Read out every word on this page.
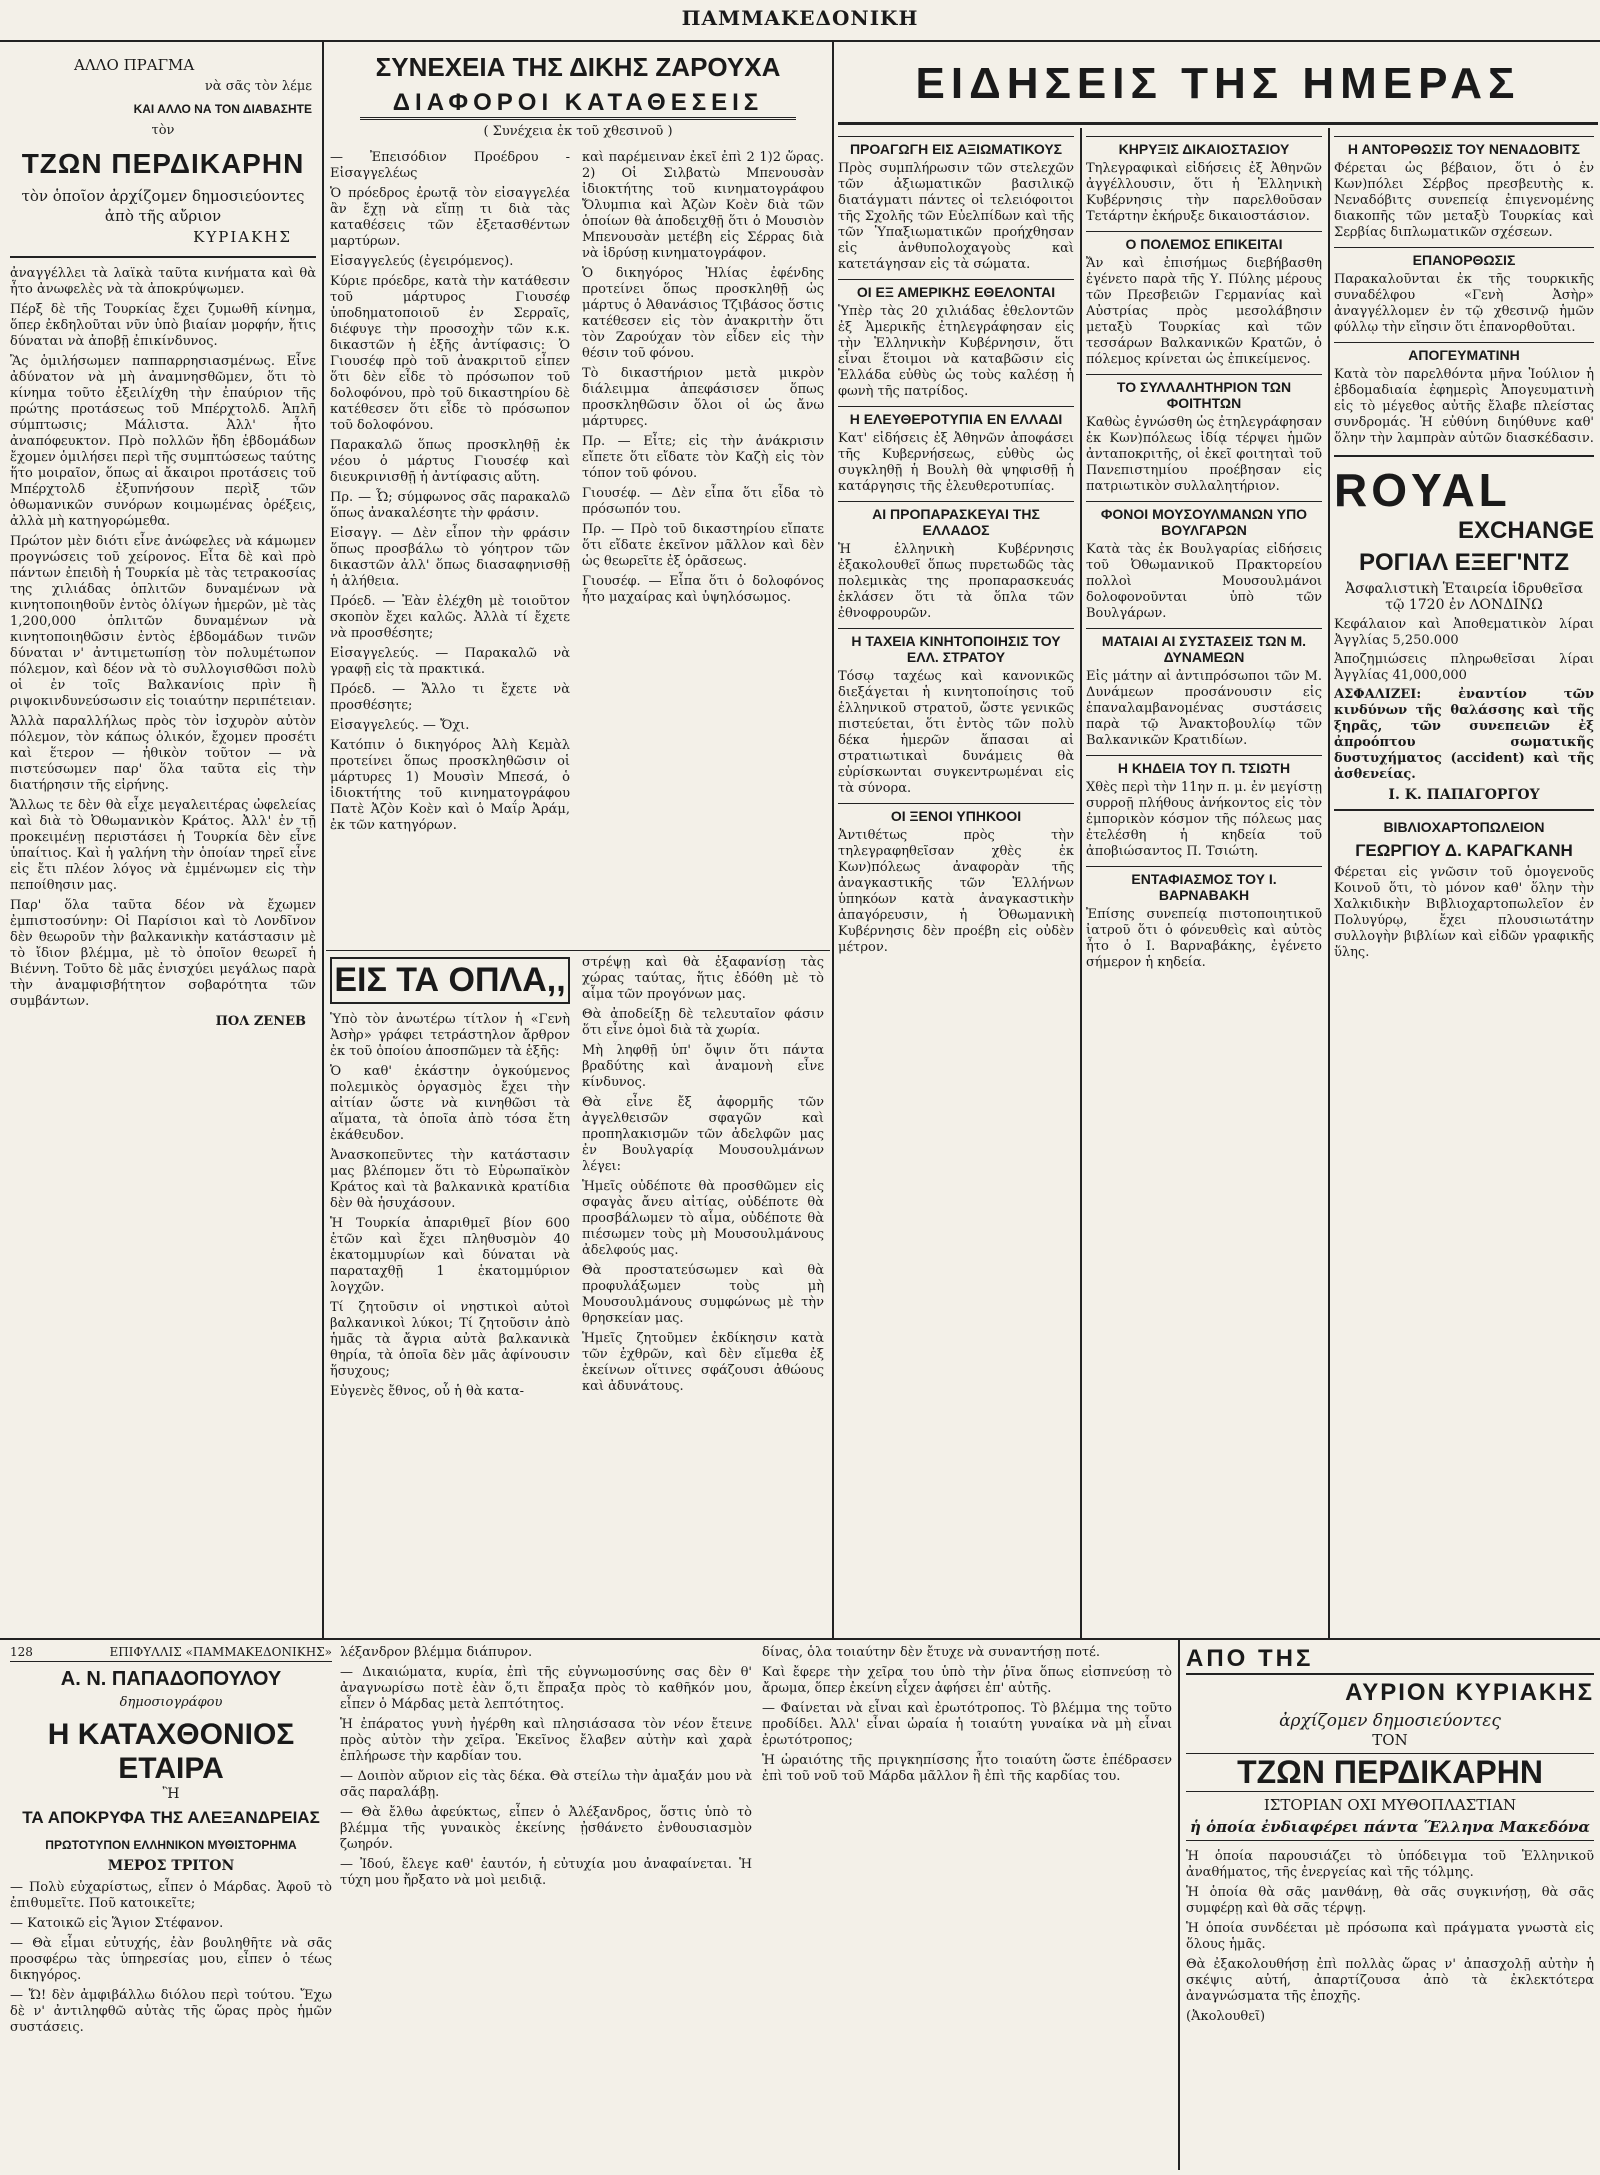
ΠΑΜΜΑΚΕΔΟΝΙΚΗ
ΑΛΛΟ ΠΡΑΓΜΑ
νὰ σᾶς τὸν λέμε
ΚΑΙ ΑΛΛΟ ΝΑ ΤΟΝ ΔΙΑΒΑΣΗΤΕ
τὸν
ΤΖΩΝ ΠΕΡΔΙΚΑΡΗΝ
τὸν ὁποῖον ἀρχίζομεν δημοσιεύοντες ἀπὸ τῆς αὔριον
ΚΥΡΙΑΚΗΣ

ἀναγγέλλει τὰ λαϊκὰ ταῦτα κινήματα καὶ θὰ ἦτο ἀνωφελὲς νὰ τὰ ἀποκρύψωμεν.

Πέρξ δὲ τῆς Τουρκίας ἔχει ζυμωθῆ κίνημα, ὅπερ ἐκδηλοῦται νῦν ὑπὸ βιαίαν μορφήν, ἥτις δύναται νὰ ἀποβῇ ἐπικίνδυνος.

Ἂς ὁμιλήσωμεν παππαρρησιασμένως. Εἶνε ἀδύνατον νὰ μὴ ἀναμνησθῶμεν, ὅτι τὸ κίνημα τοῦτο ἐξειλίχθη τὴν ἐπαύριον τῆς πρώτης προτάσεως τοῦ Μπέρχτολδ. Ἁπλῆ σύμπτωσις; Μάλιστα. Ἀλλ' ἦτο ἀναπόφευκτον. Πρὸ πολλῶν ἤδη ἑβδομάδων ἔχομεν ὁμιλήσει περὶ τῆς συμπτώσεως ταύτης ἥτο μοιραῖον, ὅπως αἱ ἄκαιροι προτάσεις τοῦ Μπέρχτολδ ἐξυπνήσουν περὶξ τῶν ὀθωμανικῶν συνόρων κοιμωμένας ὀρέξεις, ἀλλὰ μὴ κατηγορώμεθα.

Πρώτον μὲν διότι εἶνε ἀνώφελες νὰ κάμωμεν προγνώσεις τοῦ χείρονος. Εἶτα δὲ καὶ πρὸ πάντων ἐπειδὴ ἡ Τουρκία μὲ τὰς τετρακοσίας της χιλιάδας ὁπλιτῶν δυναμένων νὰ κινητοποιηθοῦν ἐντὸς ὀλίγων ἡμερῶν, μὲ τὰς 1,200,000 ὁπλιτῶν δυναμένων νὰ κινητοποιηθῶσιν ἐντὸς ἑβδομάδων τινῶν δύναται ν' ἀντιμετωπίσῃ τὸν πολυμέτωπον πόλεμον, καὶ δέον νὰ τὸ συλλογισθῶσι πολὺ οἱ ἐν τοῖς Βαλκανίοις πρὶν ἢ ριψοκινδυνεύσωσιν εἰς τοιαύτην περιπέτειαν.

Ἀλλὰ παραλλήλως πρὸς τὸν ἰσχυρὸν αὐτὸν πόλεμον, τὸν κάπως ὁλικόν, ἔχομεν προσέτι καὶ ἕτερον — ἠθικὸν τοῦτον — νὰ πιστεύσωμεν παρ' ὅλα ταῦτα εἰς τὴν διατήρησιν τῆς εἰρήνης.

Ἄλλως τε δὲν θὰ εἶχε μεγαλειτέρας ὠφελείας καὶ διὰ τὸ Ὀθωμανικὸν Κράτος. Ἀλλ' ἐν τῇ προκειμένῃ περιστάσει ἡ Τουρκία δὲν εἶνε ὑπαίτιος. Καὶ ἡ γαλήνη τὴν ὁποίαν τηρεῖ εἶνε εἰς ἔτι πλέον λόγος νὰ ἐμμένωμεν εἰς τὴν πεποίθησιν μας.

Παρ' ὅλα ταῦτα δέον νὰ ἔχωμεν ἐμπιστοσύνην: Οἱ Παρίσιοι καὶ τὸ Λονδῖνον δὲν θεωροῦν τὴν βαλκανικὴν κατάστασιν μὲ τὸ ἴδιον βλέμμα, μὲ τὸ ὁποῖον θεωρεῖ ἡ Βιέννη. Τοῦτο δὲ μᾶς ἐνισχύει μεγάλως παρὰ τὴν ἀναμφισβήτητον σοβαρότητα τῶν συμβάντων.

ΠΟΛ ΖΕΝΕΒ

ΣΥΝΕΧΕΙΑ ΤΗΣ ΔΙΚΗΣ ΖΑΡΟΥΧΑ
ΔΙΑΦΟΡΟΙ ΚΑΤΑΘΕΣΕΙΣ
( Συνέχεια ἐκ τοῦ χθεσινοῦ )

— Ἐπεισόδιον Προέδρου - Εἰσαγγελέως

Ὁ πρόεδρος ἐρωτᾷ τὸν εἰσαγγελέα ἂν ἔχῃ νὰ εἴπῃ τι διὰ τὰς καταθέσεις τῶν ἐξετασθέντων μαρτύρων.

Εἰσαγγελεύς (ἐγειρόμενος).

Κύριε πρόεδρε, κατὰ τὴν κατάθεσιν τοῦ μάρτυρος Γιουσέφ ὑποδηματοποιοῦ ἐν Σερραῖς, διέφυγε τὴν προσοχὴν τῶν κ.κ. δικαστῶν ἡ ἑξῆς ἀντίφασις: Ὁ Γιουσέφ πρὸ τοῦ ἀνακριτοῦ εἶπεν ὅτι δὲν εἶδε τὸ πρόσωπον τοῦ δολοφόνου, πρὸ τοῦ δικαστηρίου δὲ κατέθεσεν ὅτι εἶδε τὸ πρόσωπον τοῦ δολοφόνου.

Παρακαλῶ ὅπως προσκληθῇ ἐκ νέου ὁ μάρτυς Γιουσέφ καὶ διευκρινισθῇ ἡ ἀντίφασις αὕτη.

Πρ. — Ὦ; σύμφωνος σᾶς παρακαλῶ ὅπως ἀνακαλέσητε τὴν φράσιν.

Εἰσαγγ. — Δὲν εἶπον τὴν φράσιν ὅπως προσβάλω τὸ γόητρον τῶν δικαστῶν ἀλλ' ὅπως διασαφηνισθῇ ἡ ἀλήθεια.

Πρόεδ. — Ἐὰν ἐλέχθη μὲ τοιοῦτον σκοπὸν ἔχει καλῶς. Ἀλλὰ τί ἔχετε νὰ προσθέσητε;

Εἰσαγγελεύς. — Παρακαλῶ νὰ γραφῇ εἰς τὰ πρακτικά.

Πρόεδ. — Ἄλλο τι ἔχετε νὰ προσθέσητε;

Εἰσαγγελεύς. — Ὄχι.

Κατόπιν ὁ δικηγόρος Ἀλὴ Κεμὰλ προτείνει ὅπως προσκληθῶσιν οἱ μάρτυρες 1) Μουσὶν Μπεσά, ὁ ἰδιοκτήτης τοῦ κινηματογράφου Πατὲ Ἀζὸν Κοὲν καὶ ὁ Μαΐρ Ἀράμ, ἐκ τῶν κατηγόρων.

καὶ παρέμειναν ἐκεῖ ἐπὶ 2 1)2 ὥρας. 2) Οἱ Σιλβατὼ Μπενουσὰν ἰδιοκτήτης τοῦ κινηματογράφου Ὄλυμπια καὶ Ἀζὼν Κοὲν διὰ τῶν ὁποίων θὰ ἀποδειχθῇ ὅτι ὁ Μουσιὸν Μπενουσὰν μετέβη εἰς Σέρρας διὰ νὰ ἱδρύσῃ κινηματογράφον.

Ὁ δικηγόρος Ἠλίας ἐφένδης προτείνει ὅπως προσκληθῇ ὡς μάρτυς ὁ Ἀθανάσιος Τζιβάσος ὅστις κατέθεσεν εἰς τὸν ἀνακριτὴν ὅτι τὸν Ζαρούχαν τὸν εἶδεν εἰς τὴν θέσιν τοῦ φόνου.

Τὸ δικαστήριον μετὰ μικρὸν διάλειμμα ἀπεφάσισεν ὅπως προσκληθῶσιν ὅλοι οἱ ὡς ἄνω μάρτυρες.

Πρ. — Εἶτε; εἰς τὴν ἀνάκρισιν εἴπετε ὅτι εἴδατε τὸν Καζὴ εἰς τὸν τόπον τοῦ φόνου.

Γιουσέφ. — Δὲν εἶπα ὅτι εἶδα τὸ πρόσωπόν του.

Πρ. — Πρὸ τοῦ δικαστηρίου εἴπατε ὅτι εἴδατε ἐκεῖνον μᾶλλον καὶ δὲν ὡς θεωρεῖτε ἐξ ὁρᾶσεως.

Γιουσέφ. — Εἶπα ὅτι ὁ δολοφόνος ἦτο μαχαίρας καὶ ὑψηλόσωμος.

ΕΙΣ ΤΑ ΟΠΛΑ,,

Ὑπὸ τὸν ἀνωτέρω τίτλον ἡ «Γενὴ Ἀσὴρ» γράφει τετράστηλον ἄρθρον ἐκ τοῦ ὁποίου ἀποσπῶμεν τὰ ἑξῆς:

Ὁ καθ' ἑκάστην ὀγκούμενος πολεμικὸς ὀργασμὸς ἔχει τὴν αἰτίαν ὥστε νὰ κινηθῶσι τὰ αἵματα, τὰ ὁποῖα ἀπὸ τόσα ἔτη ἐκάθευδον.

Ἀνασκοπεῦντες τὴν κατάστασιν μας βλέπομεν ὅτι τὸ Εὐρωπαϊκὸν Κράτος καὶ τὰ βαλκανικὰ κρατίδια δὲν θὰ ἡσυχάσουν.

Ἡ Τουρκία ἀπαριθμεῖ βίον 600 ἐτῶν καὶ ἔχει πληθυσμὸν 40 ἑκατομμυρίων καὶ δύναται νὰ παραταχθῇ 1 ἑκατομμύριον λογχῶν.

Τί ζητοῦσιν οἱ νηστικοὶ αὐτοὶ βαλκανικοὶ λύκοι; Τί ζητοῦσιν ἀπὸ ἡμᾶς τὰ ἄγρια αὐτὰ βαλκανικὰ θηρία, τὰ ὁποῖα δὲν μᾶς ἀφίνουσιν ἥσυχους;

Εὐγενὲς ἔθνος, οὗ ἡ θὰ κατα-

στρέψῃ καὶ θὰ ἐξαφανίσῃ τὰς χώρας ταύτας, ἥτις ἐδόθη μὲ τὸ αἷμα τῶν προγόνων μας.

Θὰ ἀποδείξῃ δὲ τελευταῖον φάσιν ὅτι εἶνε ὁμοὶ διὰ τὰ χωρία.

Μὴ ληφθῇ ὑπ' ὄψιν ὅτι πάντα βραδύτης καὶ ἀναμονὴ εἶνε κίνδυνος.

Θὰ εἶνε ἔξ ἀφορμῆς τῶν ἀγγελθεισῶν σφαγῶν καὶ προπηλακισμῶν τῶν ἀδελφῶν μας ἐν Βουλγαρίᾳ Μουσουλμάνων λέγει:

Ἡμεῖς οὐδέποτε θὰ προσθῶμεν εἰς σφαγὰς ἄνευ αἰτίας, οὐδέποτε θὰ προσβάλωμεν τὸ αἷμα, οὐδέποτε θὰ πιέσωμεν τοὺς μὴ Μουσουλμάνους ἀδελφούς μας.

Θὰ προστατεύσωμεν καὶ θὰ προφυλάξωμεν τοὺς μὴ Μουσουλμάνους συμφώνως μὲ τὴν θρησκείαν μας.

Ἡμεῖς ζητοῦμεν ἐκδίκησιν κατὰ τῶν ἐχθρῶν, καὶ δὲν εἴμεθα ἐξ ἐκείνων οἵτινες σφάζουσι ἀθώους καὶ ἀδυνάτους.

ΕΙΔΗΣΕΙΣ ΤΗΣ ΗΜΕΡΑΣ
ΠΡΟΑΓΩΓΗ ΕΙΣ ΑΞΙΩΜΑΤΙΚΟΥΣ

Πρὸς συμπλήρωσιν τῶν στελεχῶν τῶν ἀξιωματικῶν βασιλικῷ διατάγματι πάντες οἱ τελειόφοιτοι τῆς Σχολῆς τῶν Εὐελπίδων καὶ τῆς τῶν Ὑπαξιωματικῶν προήχθησαν εἰς ἀνθυπολοχαγοὺς καὶ κατετάγησαν εἰς τὰ σώματα.

ΟΙ ΕΞ ΑΜΕΡΙΚΗΣ ΕΘΕΛΟΝΤΑΙ

Ὑπὲρ τὰς 20 χιλιάδας ἐθελοντῶν ἐξ Ἀμερικῆς ἐτηλεγράφησαν εἰς τὴν Ἑλληνικὴν Κυβέρνησιν, ὅτι εἶναι ἕτοιμοι νὰ καταβῶσιν εἰς Ἑλλάδα εὐθὺς ὡς τοὺς καλέσῃ ἡ φωνὴ τῆς πατρίδος.

Η ΕΛΕΥΘΕΡΟΤΥΠΙΑ ΕΝ ΕΛΛΑΔΙ

Κατ' εἰδήσεις ἐξ Ἀθηνῶν ἀποφάσει τῆς Κυβερνήσεως, εὐθὺς ὡς συγκληθῇ ἡ Βουλὴ θὰ ψηφισθῇ ἡ κατάργησις τῆς ἐλευθεροτυπίας.

ΑΙ ΠΡΟΠΑΡΑΣΚΕΥΑΙ ΤΗΣ ΕΛΛΑΔΟΣ

Ἡ ἑλληνικὴ Κυβέρνησις ἐξακολουθεῖ ὅπως πυρετωδῶς τὰς πολεμικὰς της προπαρασκευάς ἐκλάσεν ὅτι τὰ ὅπλα τῶν ἐθνοφρουρῶν.

Η ΤΑΧΕΙΑ ΚΙΝΗΤΟΠΟΙΗΣΙΣ ΤΟΥ ΕΛΛ. ΣΤΡΑΤΟΥ

Τόσῳ ταχέως καὶ κανονικῶς διεξάγεται ἡ κινητοποίησις τοῦ ἑλληνικοῦ στρατοῦ, ὥστε γενικῶς πιστεύεται, ὅτι ἐντὸς τῶν πολὺ δέκα ἡμερῶν ἅπασαι αἱ στρατιωτικαὶ δυνάμεις θὰ εὑρίσκωνται συγκεντρωμέναι εἰς τὰ σύνορα.

ΟΙ ΞΕΝΟΙ ΥΠΗΚΟΟΙ

Ἀντιθέτως πρὸς τὴν τηλεγραφηθεῖσαν χθὲς ἐκ Κων)πόλεως ἀναφορὰν τῆς ἀναγκαστικῆς τῶν Ἑλλήνων ὑπηκόων κατὰ ἀναγκαστικὴν ἀπαγόρευσιν, ἡ Ὀθωμανικὴ Κυβέρνησις δὲν προέβη εἰς οὐδὲν μέτρον.

ΚΗΡΥΞΙΣ ΔΙΚΑΙΟΣΤΑΣΙΟΥ

Τηλεγραφικαὶ εἰδήσεις ἐξ Ἀθηνῶν ἀγγέλλουσιν, ὅτι ἡ Ἑλληνικὴ Κυβέρνησις τὴν παρελθοῦσαν Τετάρτην ἐκήρυξε δικαιοστάσιον.

Ο ΠΟΛΕΜΟΣ ΕΠΙΚΕΙΤΑΙ

Ἄν καὶ ἐπισήμως διεβήβασθη ἐγένετο παρὰ τῆς Υ. Πύλης μέρους τῶν Πρεσβειῶν Γερμανίας καὶ Αὐστρίας πρὸς μεσολάβησιν μεταξὺ Τουρκίας καὶ τῶν τεσσάρων Βαλκανικῶν Κρατῶν, ὁ πόλεμος κρίνεται ὡς ἐπικείμενος.

ΤΟ ΣΥΛΛΑΛΗΤΗΡΙΟΝ ΤΩΝ ΦΟΙΤΗΤΩΝ

Καθὼς ἐγνώσθη ὡς ἐτηλεγράφησαν ἐκ Κων)πόλεως ἰδίᾳ τέρψει ἡμῶν ἀνταποκριτῆς, οἱ ἐκεῖ φοιτηταὶ τοῦ Πανεπιστημίου προέβησαν εἰς πατριωτικὸν συλλαλητήριον.

ΦΟΝΟΙ ΜΟΥΣΟΥΛΜΑΝΩΝ ΥΠΟ ΒΟΥΛΓΑΡΩΝ

Κατὰ τὰς ἐκ Βουλγαρίας εἰδήσεις τοῦ Ὀθωμανικοῦ Πρακτορείου πολλοὶ Μουσουλμάνοι δολοφονοῦνται ὑπὸ τῶν Βουλγάρων.

ΜΑΤΑΙΑΙ ΑΙ ΣΥΣΤΑΣΕΙΣ ΤΩΝ Μ. ΔΥΝΑΜΕΩΝ

Εἰς μάτην αἱ ἀντιπρόσωποι τῶν Μ. Δυνάμεων προσάνουσιν εἰς ἐπαναλαμβανομένας συστάσεις παρὰ τῷ Ἀνακτοβουλίῳ τῶν Βαλκανικῶν Κρατιδίων.

Η ΚΗΔΕΙΑ ΤΟΥ Π. ΤΣΙΩΤΗ

Χθὲς περὶ τὴν 11ην π. μ. ἐν μεγίστῃ συρροῇ πλήθους ἀνήκοντος εἰς τὸν ἐμπορικὸν κόσμον τῆς πόλεως μας ἐτελέσθη ἡ κηδεία τοῦ ἀποβιώσαντος Π. Τσιώτη.

ΕΝΤΑΦΙΑΣΜΟΣ ΤΟΥ Ι. ΒΑΡΝΑΒΑΚΗ

Ἐπίσης συνεπείᾳ πιστοποιητικοῦ ἰατροῦ ὅτι ὁ φόνευθεὶς καὶ αὐτὸς ἦτο ὁ Ι. Βαρναβάκης, ἐγένετο σήμερον ἡ κηδεία.

Η ΑΝΤΟΡΘΩΣΙΣ ΤΟΥ ΝΕΝΑΔΟΒΙΤΣ

Φέρεται ὡς βέβαιον, ὅτι ὁ ἐν Κων)πόλει Σέρβος πρεσβευτὴς κ. Νεναδόβιτς συνεπείᾳ ἐπιγενομένης διακοπῆς τῶν μεταξὺ Τουρκίας καὶ Σερβίας διπλωματικῶν σχέσεων.

ΕΠΑΝΟΡΘΩΣΙΣ

Παρακαλοῦνται ἐκ τῆς τουρκικῆς συναδέλφου «Γενὴ Ἀσὴρ» ἀναγγέλλομεν ἐν τῷ χθεσινῷ ἡμῶν φύλλῳ τὴν εἴησιν ὅτι ἐπανορθοῦται.

ΑΠΟΓΕΥΜΑΤΙΝΗ

Κατὰ τὸν παρελθόντα μῆνα Ἰούλιον ἡ ἑβδομαδιαία ἐφημερὶς Ἀπογευματινὴ εἰς τὸ μέγεθος αὐτῆς ἔλαβε πλείστας συνδρομάς. Ἡ εὐθύνη διηύθυνε καθ' ὅλην τὴν λαμπρὰν αὐτῶν διασκέδασιν.

ROYAL
EXCHANGE
ΡΟΓΙΑΛ ΕΞΕΓ'ΝΤΖ

Ἀσφαλιστικὴ Ἑταιρεία ἱδρυθεῖσα τῷ 1720 ἐν ΛΟΝΔΙΝΩ

Κεφάλαιον καὶ Ἀποθεματικὸν λίραι Ἀγγλίας 5,250.000

Ἀποζημιώσεις πληρωθεῖσαι λίραι Ἀγγλίας 41,000,000

ΑΣΦΑΛΙΖΕΙ: ἐναντίον τῶν κινδύνων τῆς θαλάσσης καὶ τῆς ξηρᾶς, τῶν συνεπειῶν ἐξ ἀπροόπτου σωματικῆς δυστυχήματος (accident) καὶ τῆς ἀσθενείας.

Ι. Κ. ΠΑΠΑΓΟΡΓΟΥ

ΒΙΒΛΙΟΧΑΡΤΟΠΩΛΕΙΟΝ
ΓΕΩΡΓΙΟΥ Δ. ΚΑΡΑΓΚΑΝΗ

Φέρεται εἰς γνῶσιν τοῦ ὁμογενοῦς Κοινοῦ ὅτι, τὸ μόνον καθ' ὅλην τὴν Χαλκιδικὴν Βιβλιοχαρτοπωλεῖον ἐν Πολυγύρῳ, ἔχει πλουσιωτάτην συλλογὴν βιβλίων καὶ εἰδῶν γραφικῆς ὕλης.

128	ΕΠΙΦΥΛΛΙΣ «ΠΑΜΜΑΚΕΔΟΝΙΚΗΣ»
Α. Ν. ΠΑΠΑΔΟΠΟΥΛΟΥ
δημοσιογράφου
Η ΚΑΤΑΧΘΟΝΙΟΣ ΕΤΑΙΡΑ
Ἢ
ΤΑ ΑΠΟΚΡΥΦΑ ΤΗΣ ΑΛΕΞΑΝΔΡΕΙΑΣ
ΠΡΩΤΟΤΥΠΟΝ ΕΛΛΗΝΙΚΟΝ ΜΥΘΙΣΤΟΡΗΜΑ
ΜΕΡΟΣ ΤΡΙΤΟΝ

— Πολὺ εὐχαρίστως, εἶπεν ὁ Μάρδας. Ἀφοῦ τὸ ἐπιθυμεῖτε. Ποῦ κατοικεῖτε;

— Κατοικῶ εἰς Ἅγιον Στέφανον.

— Θὰ εἶμαι εὐτυχής, ἐὰν βουληθῆτε νὰ σᾶς προσφέρω τὰς ὑπηρεσίας μου, εἶπεν ὁ τέως δικηγόρος.

— Ὤ! δὲν ἀμφιβάλλω διόλου περὶ τούτου. Ἔχω δὲ ν' ἀντιληφθῶ αὐτὰς τῆς ὥρας πρὸς ἡμῶν συστάσεις.

λέξανδρον βλέμμα διάπυρον.

— Δικαιώματα, κυρία, ἐπὶ τῆς εὐγνωμοσύνης σας δὲν θ' ἀναγνωρίσω ποτὲ ἐὰν ὅ,τι ἔπραξα πρὸς τὸ καθῆκόν μου, εἶπεν ὁ Μάρδας μετὰ λεπτότητος.

Ἡ ἐπάρατος γυνὴ ἠγέρθη καὶ πλησιάσασα τὸν νέον ἔτεινε πρὸς αὐτὸν τὴν χεῖρα. Ἐκεῖνος ἔλαβεν αὐτὴν καὶ χαρὰ ἐπλήρωσε τὴν καρδίαν του.

— Δοιπὸν αὔριον εἰς τὰς δέκα. Θὰ στείλω τὴν ἀμαξάν μου νὰ σᾶς παραλάβῃ.

— Θὰ ἔλθω ἀφεύκτως, εἶπεν ὁ Ἀλέξανδρος, ὅστις ὑπὸ τὸ βλέμμα τῆς γυναικὸς ἐκείνης ᾐσθάνετο ἐνθουσιασμὸν ζωηρόν.

— Ἰδού, ἔλεγε καθ' ἑαυτόν, ἡ εὐτυχία μου ἀναφαίνεται. Ἡ τύχη μου ἤρξατο νὰ μοὶ μειδιᾷ.

δίνας, ὁλα τοιαύτην δὲν ἔτυχε νὰ συναντήσῃ ποτέ.

Καὶ ἔφερε τὴν χεῖρα του ὑπὸ τὴν ῥῖνα ὅπως εἰσπνεύσῃ τὸ ἄρωμα, ὅπερ ἐκείνη εἶχεν ἀφήσει ἐπ' αὐτῆς.

— Φαίνεται νὰ εἶναι καὶ ἐρωτότροπος. Τὸ βλέμμα της τοῦτο προδίδει. Ἀλλ' εἶναι ὡραία ἡ τοιαύτη γυναίκα νὰ μὴ εἶναι ἐρωτότροπος;

Ἡ ὡραιότης τῆς πριγκηπίσσης ἦτο τοιαύτη ὥστε ἐπέδρασεν ἐπὶ τοῦ νοῦ τοῦ Μάρδα μᾶλλον ἢ ἐπὶ τῆς καρδίας του.

ΑΠΟ ΤΗΣ
ΑΥΡΙΟΝ ΚΥΡΙΑΚΗΣ
ἀρχίζομεν δημοσιεύοντες
ΤΟΝ
ΤΖΩΝ ΠΕΡΔΙΚΑΡΗΝ
ΙΣΤΟΡΙΑΝ ΟΧΙ ΜΥΘΟΠΛΑΣΤΙΑΝ
ἡ ὁποία ἐνδιαφέρει πάντα Ἕλληνα Μακεδόνα

Ἡ ὁποία παρουσιάζει τὸ ὑπόδειγμα τοῦ Ἑλληνικοῦ ἀναθήματος, τῆς ἐνεργείας καὶ τῆς τόλμης.

Ἡ ὁποία θὰ σᾶς μανθάνῃ, θὰ σᾶς συγκινήσῃ, θὰ σᾶς συμφέρῃ καὶ θὰ σᾶς τέρψῃ.

Ἡ ὁποία συνδέεται μὲ πρόσωπα καὶ πράγματα γνωστὰ εἰς ὅλους ἡμᾶς.

Θὰ ἐξακολουθήσῃ ἐπὶ πολλὰς ὥρας ν' ἀπασχολῇ αὐτὴν ἡ σκέψις αὐτή, ἀπαρτίζουσα ἀπὸ τὰ ἐκλεκτότερα ἀναγνώσματα τῆς ἐποχῆς.

(Ἀκολουθεῖ)
